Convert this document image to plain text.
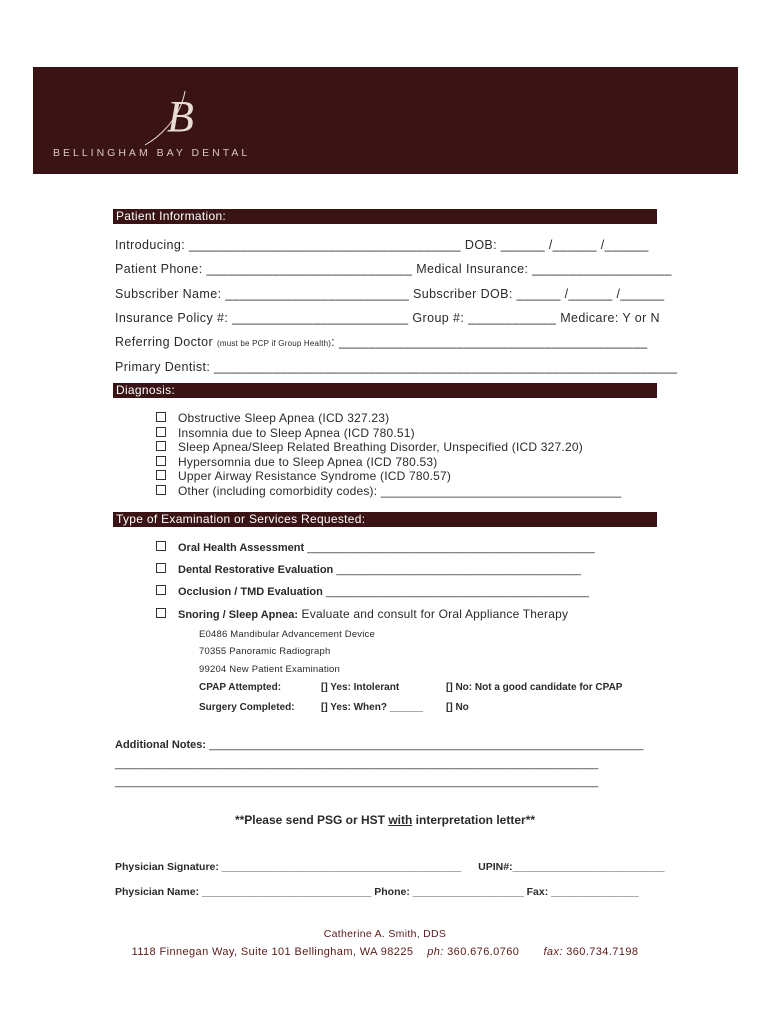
B
BELLINGHAM BAY DENTAL
Patient Information:
Introducing: _____________________________________ DOB: ______ /______ /______
Patient Phone: ____________________________ Medical Insurance: ___________________
Subscriber Name: _________________________ Subscriber DOB: ______ /______ /______
Insurance Policy #: ________________________ Group #: ____________ Medicare: Y or N
Referring Doctor (must be PCP if Group Health): __________________________________________
Primary Dentist: _______________________________________________________________
Diagnosis:
Obstructive Sleep Apnea (ICD 327.23)
Insomnia due to Sleep Apnea (ICD 780.51)
Sleep Apnea/Sleep Related Breathing Disorder, Unspecified (ICD 327.20)
Hypersomnia due to Sleep Apnea (ICD 780.53)
Upper Airway Resistance Syndrome (ICD 780.57)
Other (including comorbidity codes): ___________________________________
Type of Examination or Services Requested:
Oral Health Assessment _______________________________________________
Dental Restorative Evaluation ________________________________________
Occlusion / TMD Evaluation ___________________________________________
Snoring / Sleep Apnea: Evaluate and consult for Oral Appliance Therapy
E0486 Mandibular Advancement Device
70355 Panoramic Radiograph
99204 New Patient Examination
CPAP Attempted:	[] Yes: Intolerant	[] No: Not a good candidate for CPAP
Surgery Completed:	[] Yes: When? ______ [] No
Additional Notes: _______________________________________________________________________
_______________________________________________________________________________
_______________________________________________________________________________
**Please send PSG or HST with interpretation letter**
Physician Signature: _________________________________________ UPIN#:__________________________
Physician Name: _____________________________ Phone: ___________________ Fax: _______________
Catherine A. Smith, DDS
1118 Finnegan Way, Suite 101 Bellingham, WA 98225 ph: 360.676.0760 fax: 360.734.7198
